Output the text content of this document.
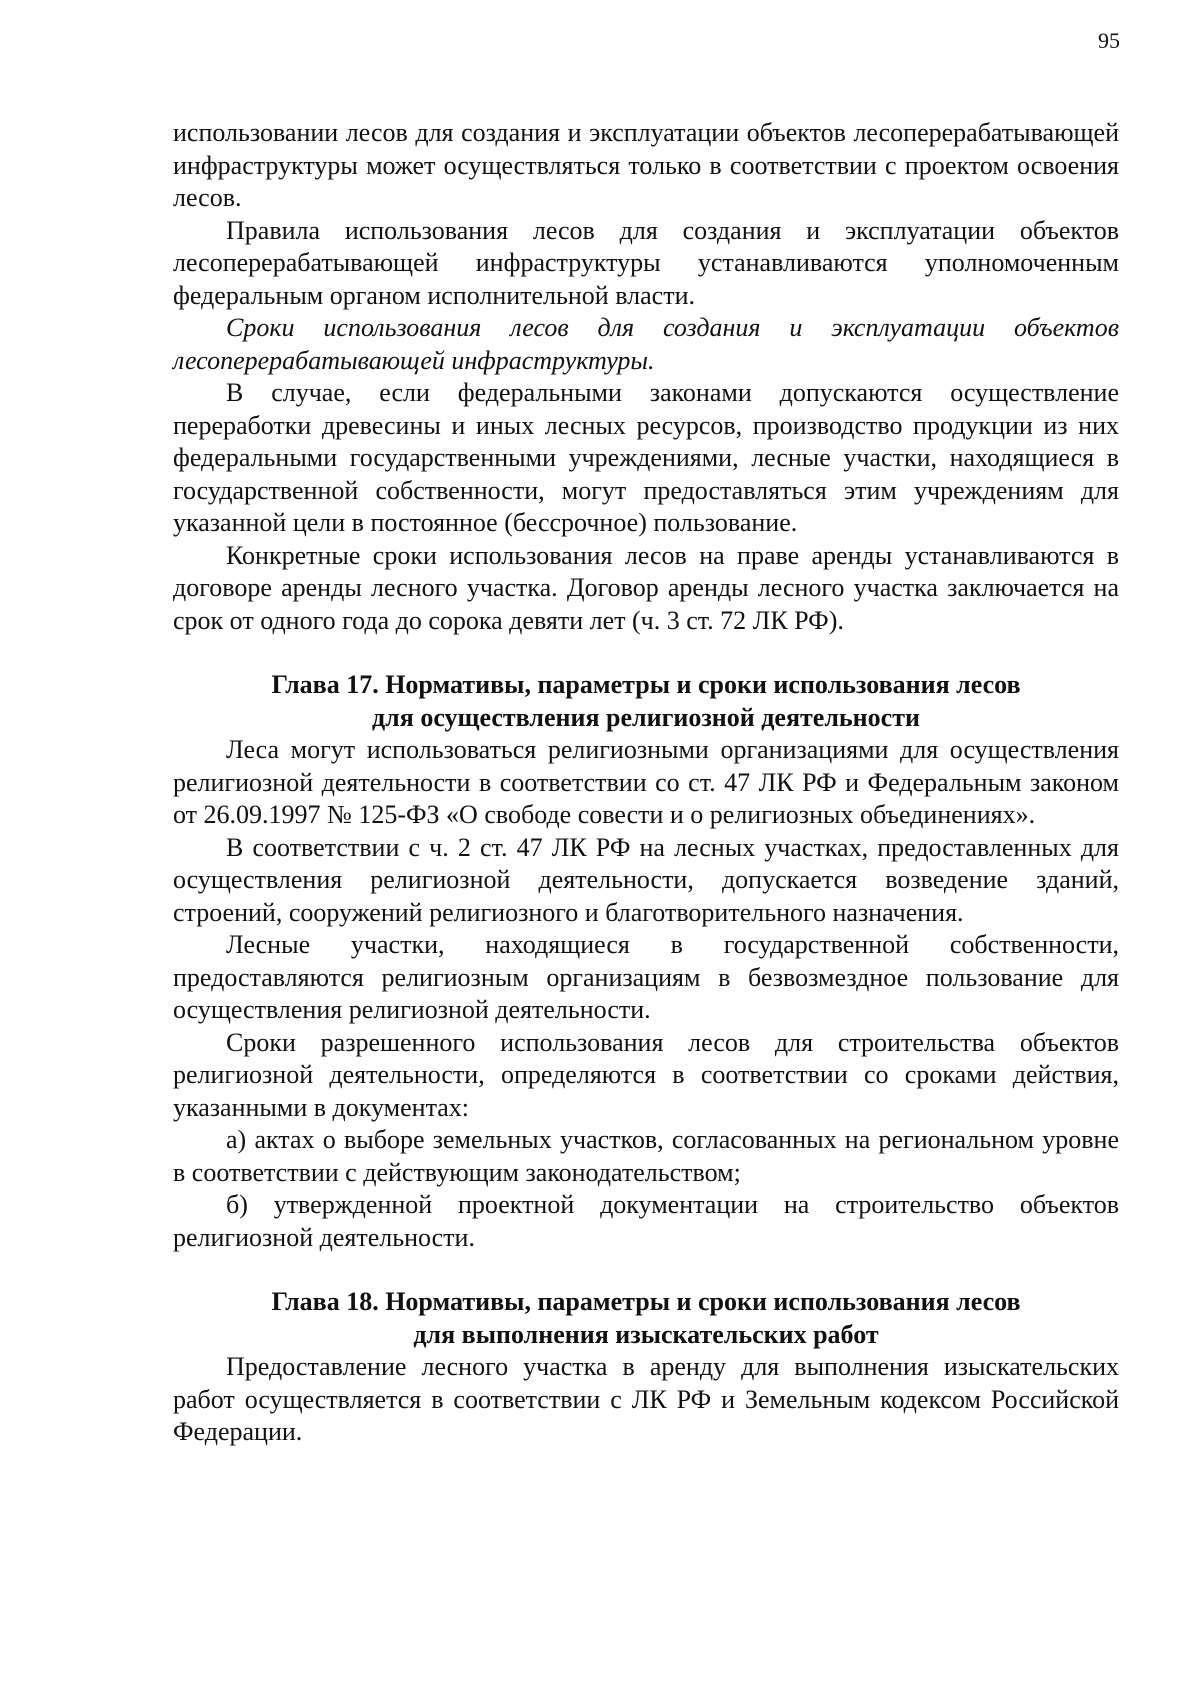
95

использовании лесов для создания и эксплуатации объектов лесоперерабатывающей инфраструктуры может осуществляться только в соответствии с проектом освоения лесов.

Правила использования лесов для создания и эксплуатации объектов лесоперерабатывающей инфраструктуры устанавливаются уполномоченным федеральным органом исполнительной власти.

Сроки использования лесов для создания и эксплуатации объектов лесоперерабатывающей инфраструктуры.

В случае, если федеральными законами допускаются осуществление переработки древесины и иных лесных ресурсов, производство продукции из них федеральными государственными учреждениями, лесные участки, находящиеся в государственной собственности, могут предоставляться этим учреждениям для указанной цели в постоянное (бессрочное) пользование.

Конкретные сроки использования лесов на праве аренды устанавливаются в договоре аренды лесного участка. Договор аренды лесного участка заключается на срок от одного года до сорока девяти лет (ч. 3 ст. 72 ЛК РФ).

Глава 17. Нормативы, параметры и сроки использования лесов
для осуществления религиозной деятельности

Леса могут использоваться религиозными организациями для осуществления религиозной деятельности в соответствии со ст. 47 ЛК РФ и Федеральным законом от 26.09.1997 № 125-ФЗ «О свободе совести и о религиозных объединениях».

В соответствии с ч. 2 ст. 47 ЛК РФ на лесных участках, предоставленных для осуществления религиозной деятельности, допускается возведение зданий, строений, сооружений религиозного и благотворительного назначения.

Лесные участки, находящиеся в государственной собственности, предоставляются религиозным организациям в безвозмездное пользование для осуществления религиозной деятельности.

Сроки разрешенного использования лесов для строительства объектов религиозной деятельности, определяются в соответствии со сроками действия, указанными в документах:

а) актах о выборе земельных участков, согласованных на региональном уровне в соответствии с действующим законодательством;

б) утвержденной проектной документации на строительство объектов религиозной деятельности.

Глава 18. Нормативы, параметры и сроки использования лесов
для выполнения изыскательских работ

Предоставление лесного участка в аренду для выполнения изыскательских работ осуществляется в соответствии с ЛК РФ и Земельным кодексом Российской Федерации.
